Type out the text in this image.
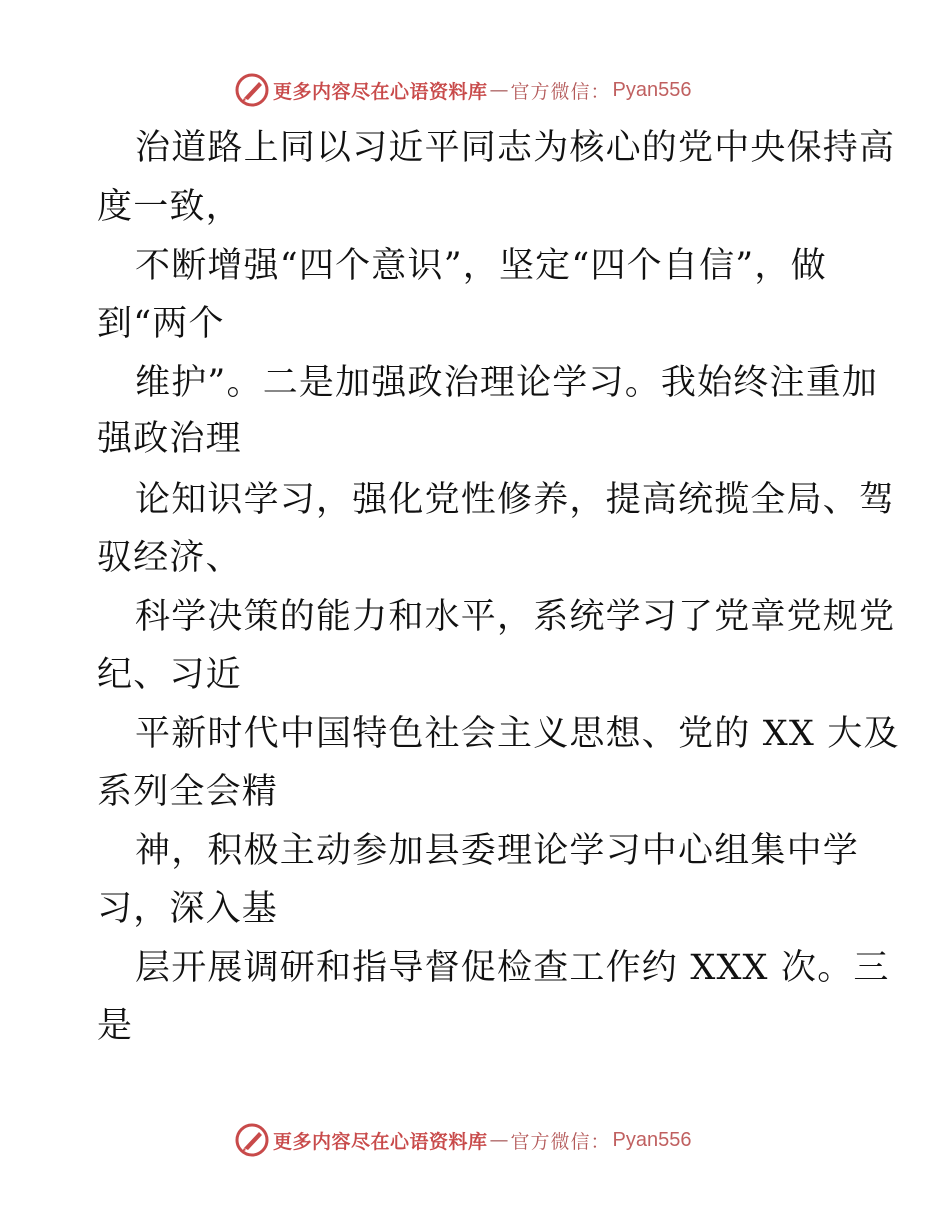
更多内容尽在心语资料库 — 官方微信： Pyan556
治道路上同以习近平同志为核心的党中央保持高
度一致，
不断增强“四个意识”，坚定“四个自信”，做
到“两个
维护”。二是加强政治理论学习。我始终注重加
强政治理
论知识学习，强化党性修养，提高统揽全局、驾
驭经济、
科学决策的能力和水平，系统学习了党章党规党
纪、习近
平新时代中国特色社会主义思想、党的 XX 大及
系列全会精
神，积极主动参加县委理论学习中心组集中学
习，深入基
层开展调研和指导督促检查工作约 XXX 次。三
是
更多内容尽在心语资料库 — 官方微信： Pyan556
